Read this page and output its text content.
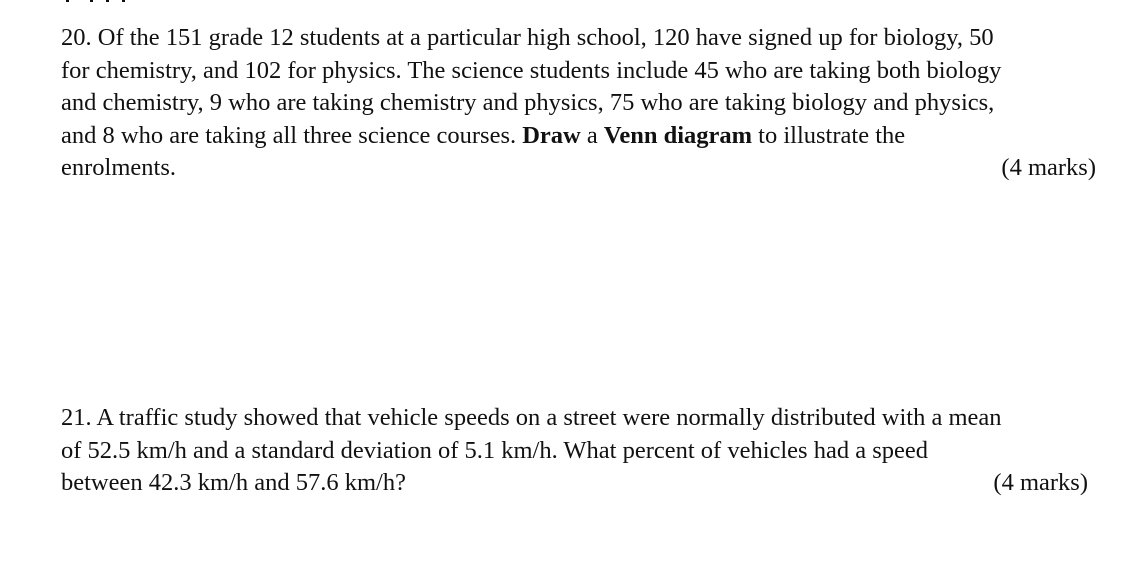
20. Of the 151 grade 12 students at a particular high school, 120 have signed up for biology, 50
for chemistry, and 102 for physics. The science students include 45 who are taking both biology
and chemistry, 9 who are taking chemistry and physics, 75 who are taking biology and physics,
and 8 who are taking all three science courses. Draw a Venn diagram to illustrate the
enrolments.	(4 marks)
21. A traffic study showed that vehicle speeds on a street were normally distributed with a mean
of 52.5 km/h and a standard deviation of 5.1 km/h. What percent of vehicles had a speed
between 42.3 km/h and 57.6 km/h?	(4 marks)
